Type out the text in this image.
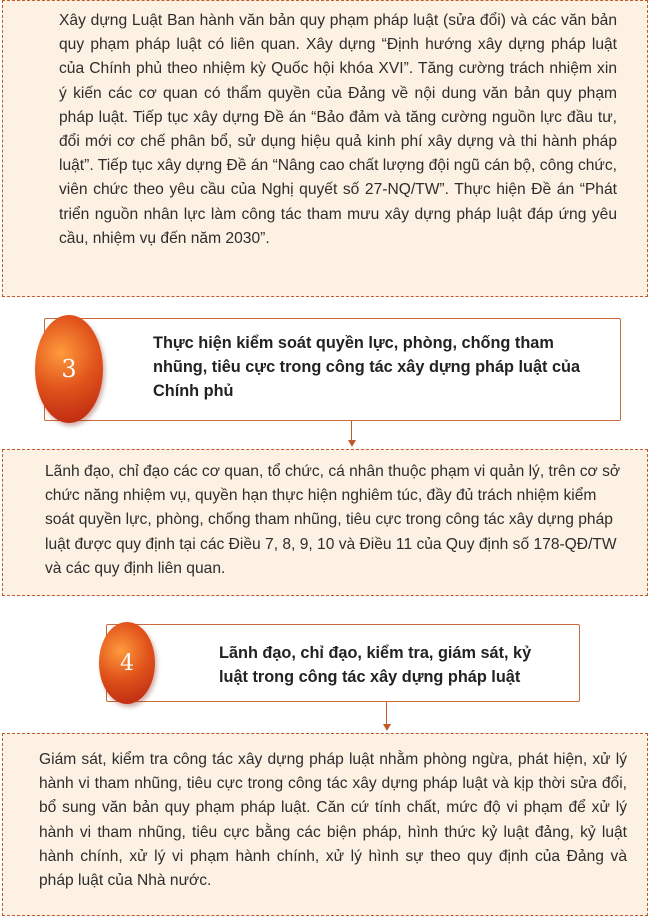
Xây dựng Luật Ban hành văn bản quy phạm pháp luật (sửa đổi) và các văn bản quy phạm pháp luật có liên quan. Xây dựng “Định hướng xây dựng pháp luật của Chính phủ theo nhiệm kỳ Quốc hội khóa XVI”. Tăng cường trách nhiệm xin ý kiến các cơ quan có thẩm quyền của Đảng về nội dung văn bản quy phạm pháp luật. Tiếp tục xây dựng Đề án “Bảo đảm và tăng cường nguồn lực đầu tư, đổi mới cơ chế phân bổ, sử dụng hiệu quả kinh phí xây dựng và thi hành pháp luật”. Tiếp tục xây dựng Đề án “Nâng cao chất lượng đội ngũ cán bộ, công chức, viên chức theo yêu cầu của Nghị quyết số 27-NQ/TW”. Thực hiện Đề án “Phát triển nguồn nhân lực làm công tác tham mưu xây dựng pháp luật đáp ứng yêu cầu, nhiệm vụ đến năm 2030”.

3
Thực hiện kiểm soát quyền lực, phòng, chống tham nhũng, tiêu cực trong công tác xây dựng pháp luật của Chính phủ

Lãnh đạo, chỉ đạo các cơ quan, tổ chức, cá nhân thuộc phạm vi quản lý, trên cơ sở chức năng nhiệm vụ, quyền hạn thực hiện nghiêm túc, đầy đủ trách nhiệm kiểm soát quyền lực, phòng, chống tham nhũng, tiêu cực trong công tác xây dựng pháp luật được quy định tại các Điều 7, 8, 9, 10 và Điều 11 của Quy định số 178-QĐ/TW và các quy định liên quan.

4	Lãnh đạo, chỉ đạo, kiểm tra, giám sát, kỷ luật trong công tác xây dựng pháp luật

Giám sát, kiểm tra công tác xây dựng pháp luật nhằm phòng ngừa, phát hiện, xử lý hành vi tham nhũng, tiêu cực trong công tác xây dựng pháp luật và kịp thời sửa đổi, bổ sung văn bản quy phạm pháp luật. Căn cứ tính chất, mức độ vi phạm để xử lý hành vi tham nhũng, tiêu cực bằng các biện pháp, hình thức kỷ luật đảng, kỷ luật hành chính, xử lý vi phạm hành chính, xử lý hình sự theo quy định của Đảng và pháp luật của Nhà nước.
